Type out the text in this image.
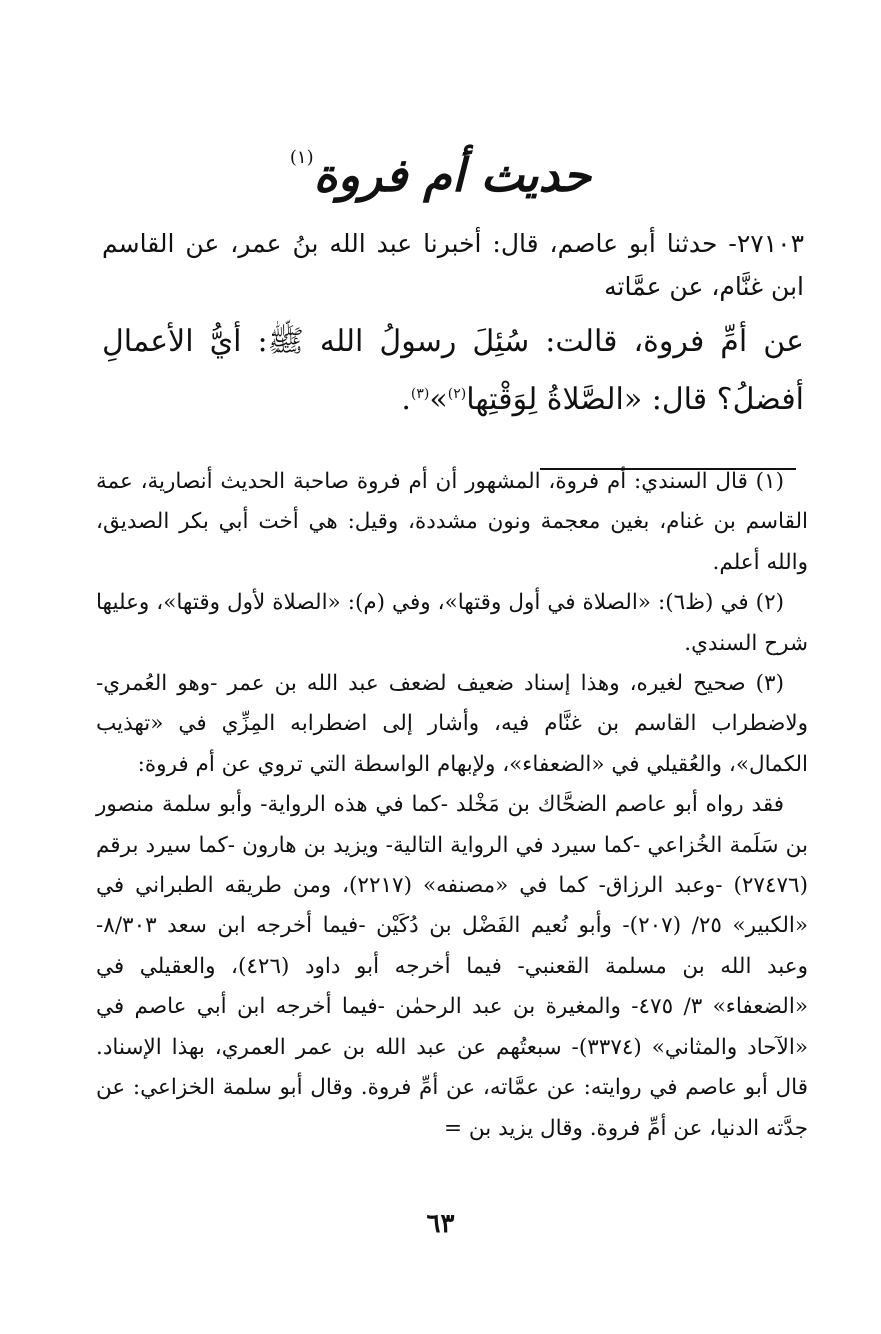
حديث أم فروة$^{(١)}$

٢٧١٠٣- حدثنا أبو عاصم، قال: أخبرنا عبد الله بنُ عمر، عن القاسم ابن غنَّام، عن عمَّاته

عن أمِّ فروة، قالت: سُئِلَ رسولُ الله ﷺ: أيُّ الأعمالِ أفضلُ؟ قال: «الصَّلاةُ لِوَقْتِها$^{(٢)}$»$^{(٣)}$.

(١) قال السندي: أم فروة، المشهور أن أم فروة صاحبة الحديث أنصارية، عمة القاسم بن غنام، بغين معجمة ونون مشددة، وقيل: هي أخت أبي بكر الصديق، والله أعلم.

(٢) في (ظ٦): «الصلاة في أول وقتها»، وفي (م): «الصلاة لأول وقتها»، وعليها شرح السندي.

(٣) صحيح لغيره، وهذا إسناد ضعيف لضعف عبد الله بن عمر -وهو العُمري- ولاضطراب القاسم بن غنَّام فيه، وأشار إلى اضطرابه المِزِّي في «تهذيب الكمال»، والعُقيلي في «الضعفاء»، ولإبهام الواسطة التي تروي عن أم فروة:

فقد رواه أبو عاصم الضحَّاك بن مَخْلد -كما في هذه الرواية- وأبو سلمة منصور بن سَلَمة الخُزاعي -كما سيرد في الرواية التالية- ويزيد بن هارون -كما سيرد برقم (٢٧٤٧٦) -وعبد الرزاق- كما في «مصنفه» (٢٢١٧)، ومن طريقه الطبراني في «الكبير» ٢٥/ (٢٠٧)- وأبو نُعيم الفَضْل بن دُكَيْن -فيما أخرجه ابن سعد ٨/٣٠٣- وعبد الله بن مسلمة القعنبي- فيما أخرجه أبو داود (٤٢٦)، والعقيلي في «الضعفاء» ٣/ ٤٧٥- والمغيرة بن عبد الرحمٰن -فيما أخرجه ابن أبي عاصم في «الآحاد والمثاني» (٣٣٧٤)- سبعتُهم عن عبد الله بن عمر العمري، بهذا الإسناد. قال أبو عاصم في روايته: عن عمَّاته، عن أمِّ فروة. وقال أبو سلمة الخزاعي: عن جدَّته الدنيا، عن أمِّ فروة. وقال يزيد بن =

٦٣
